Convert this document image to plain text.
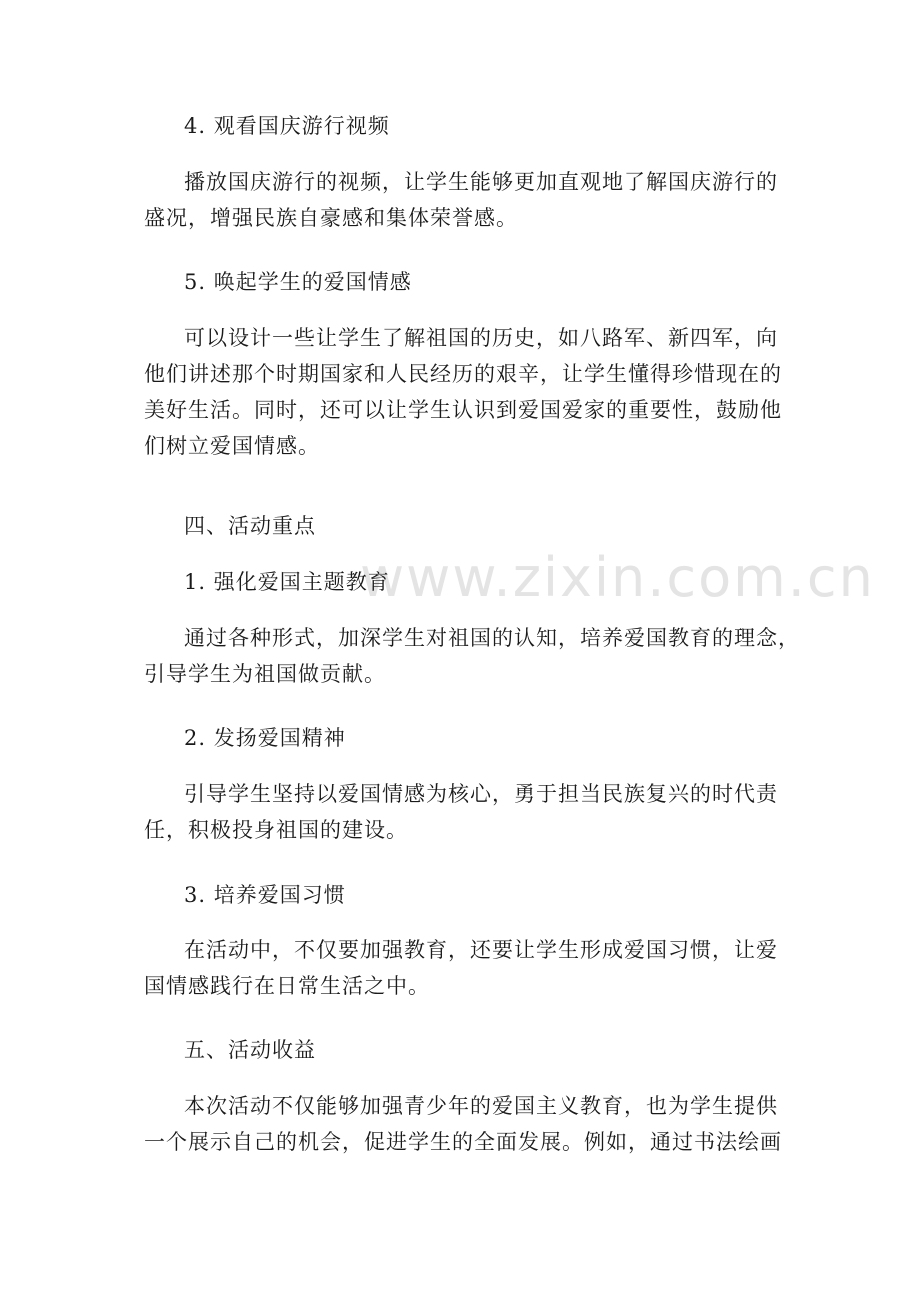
www.zixin.com.cn
4. 观看国庆游行视频
播放国庆游行的视频，让学生能够更加直观地了解国庆游行的
盛况，增强民族自豪感和集体荣誉感。
5. 唤起学生的爱国情感
可以设计一些让学生了解祖国的历史，如八路军、新四军，向
他们讲述那个时期国家和人民经历的艰辛，让学生懂得珍惜现在的
美好生活。同时，还可以让学生认识到爱国爱家的重要性，鼓励他
们树立爱国情感。
四、活动重点
1. 强化爱国主题教育
通过各种形式，加深学生对祖国的认知，培养爱国教育的理念，
引导学生为祖国做贡献。
2. 发扬爱国精神
引导学生坚持以爱国情感为核心，勇于担当民族复兴的时代责
任，积极投身祖国的建设。
3. 培养爱国习惯
在活动中，不仅要加强教育，还要让学生形成爱国习惯，让爱
国情感践行在日常生活之中。
五、活动收益
本次活动不仅能够加强青少年的爱国主义教育，也为学生提供
一个展示自己的机会，促进学生的全面发展。例如，通过书法绘画
